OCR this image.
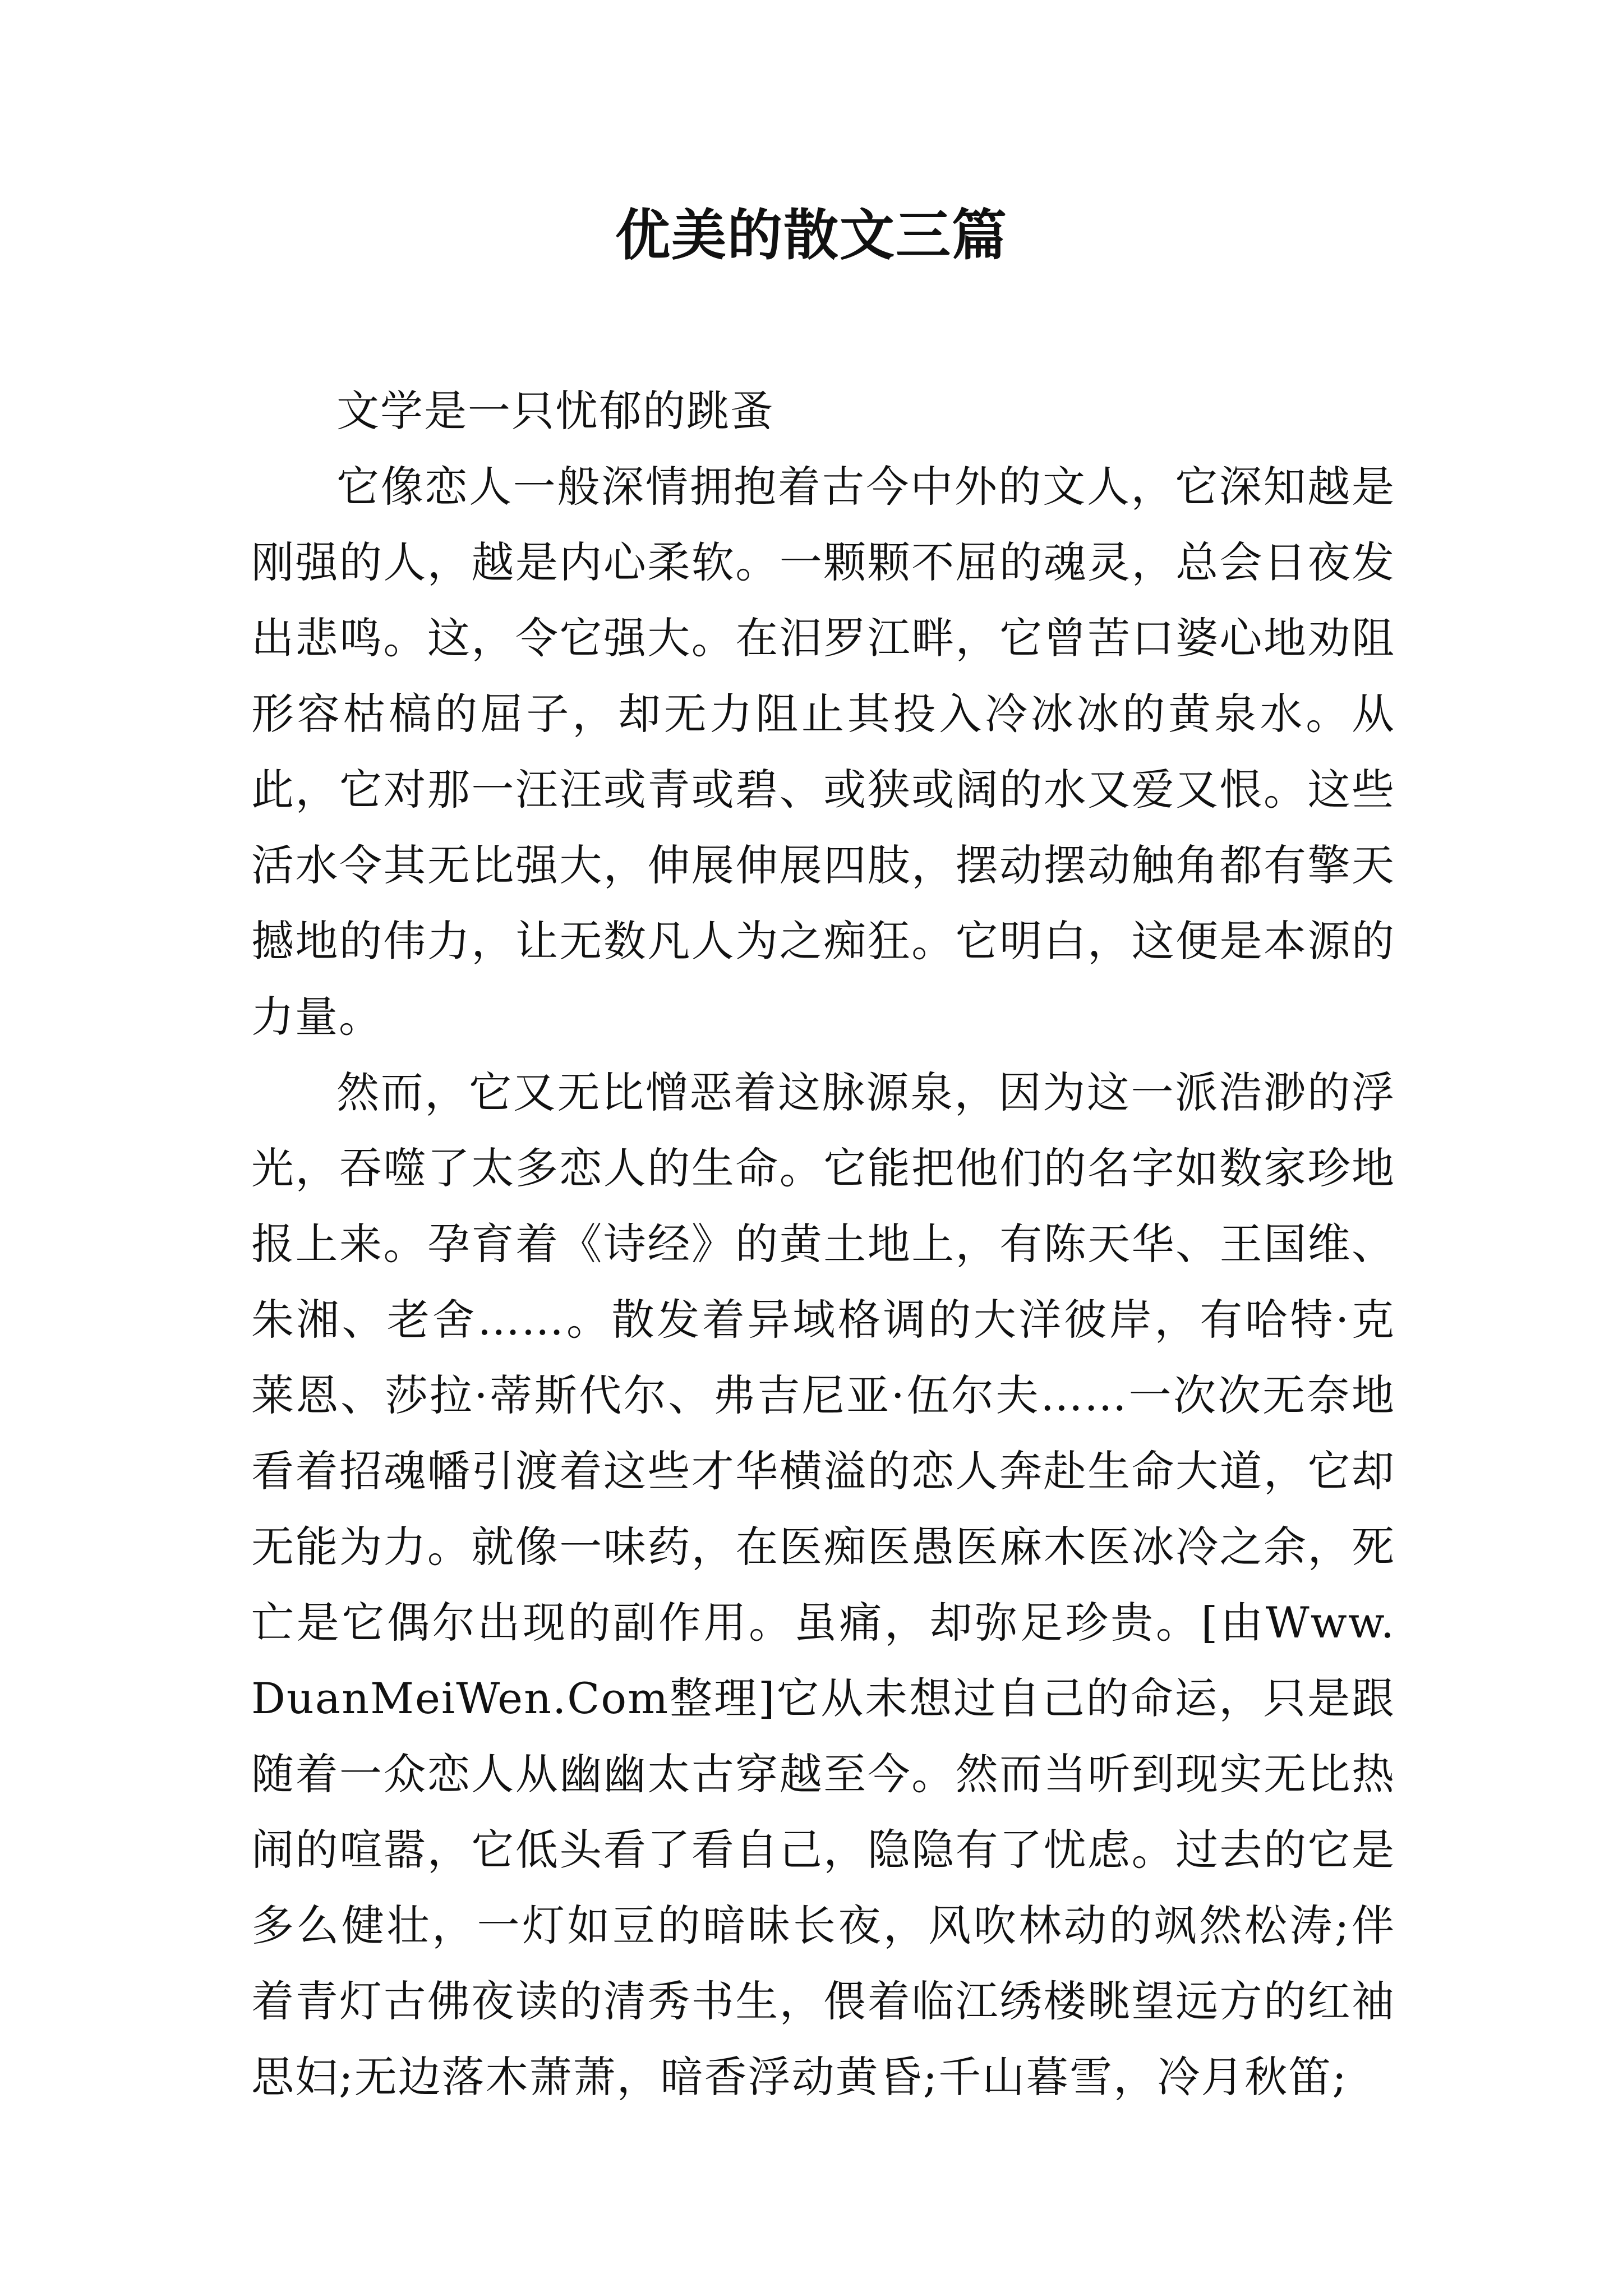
优美的散文三篇

文学是一只忧郁的跳蚤

它像恋人一般深情拥抱着古今中外的文人，它深知越是刚强的人，越是内心柔软。一颗颗不屈的魂灵，总会日夜发出悲鸣。这，令它强大。在汨罗江畔，它曾苦口婆心地劝阻形容枯槁的屈子，却无力阻止其投入冷冰冰的黄泉水。从此，它对那一汪汪或青或碧、或狭或阔的水又爱又恨。这些活水令其无比强大，伸展伸展四肢，摆动摆动触角都有擎天撼地的伟力，让无数凡人为之痴狂。它明白，这便是本源的力量。

然而，它又无比憎恶着这脉源泉，因为这一派浩渺的浮光，吞噬了太多恋人的生命。它能把他们的名字如数家珍地报上来。孕育着《诗经》的黄土地上，有陈天华、王国维、朱湘、老舍……。散发着异域格调的大洋彼岸，有哈特·克莱恩、莎拉·蒂斯代尔、弗吉尼亚·伍尔夫……一次次无奈地看着招魂幡引渡着这些才华横溢的恋人奔赴生命大道，它却无能为力。就像一味药，在医痴医愚医麻木医冰冷之余，死亡是它偶尔出现的副作用。虽痛，却弥足珍贵。[由Www.DuanMeiWen.Com整理]它从未想过自己的命运，只是跟随着一众恋人从幽幽太古穿越至今。然而当听到现实无比热闹的喧嚣，它低头看了看自己，隐隐有了忧虑。过去的它是多么健壮，一灯如豆的暗昧长夜，风吹林动的飒然松涛;伴着青灯古佛夜读的清秀书生，偎着临江绣楼眺望远方的红袖思妇;无边落木萧萧，暗香浮动黄昏;千山暮雪，冷月秋笛;
